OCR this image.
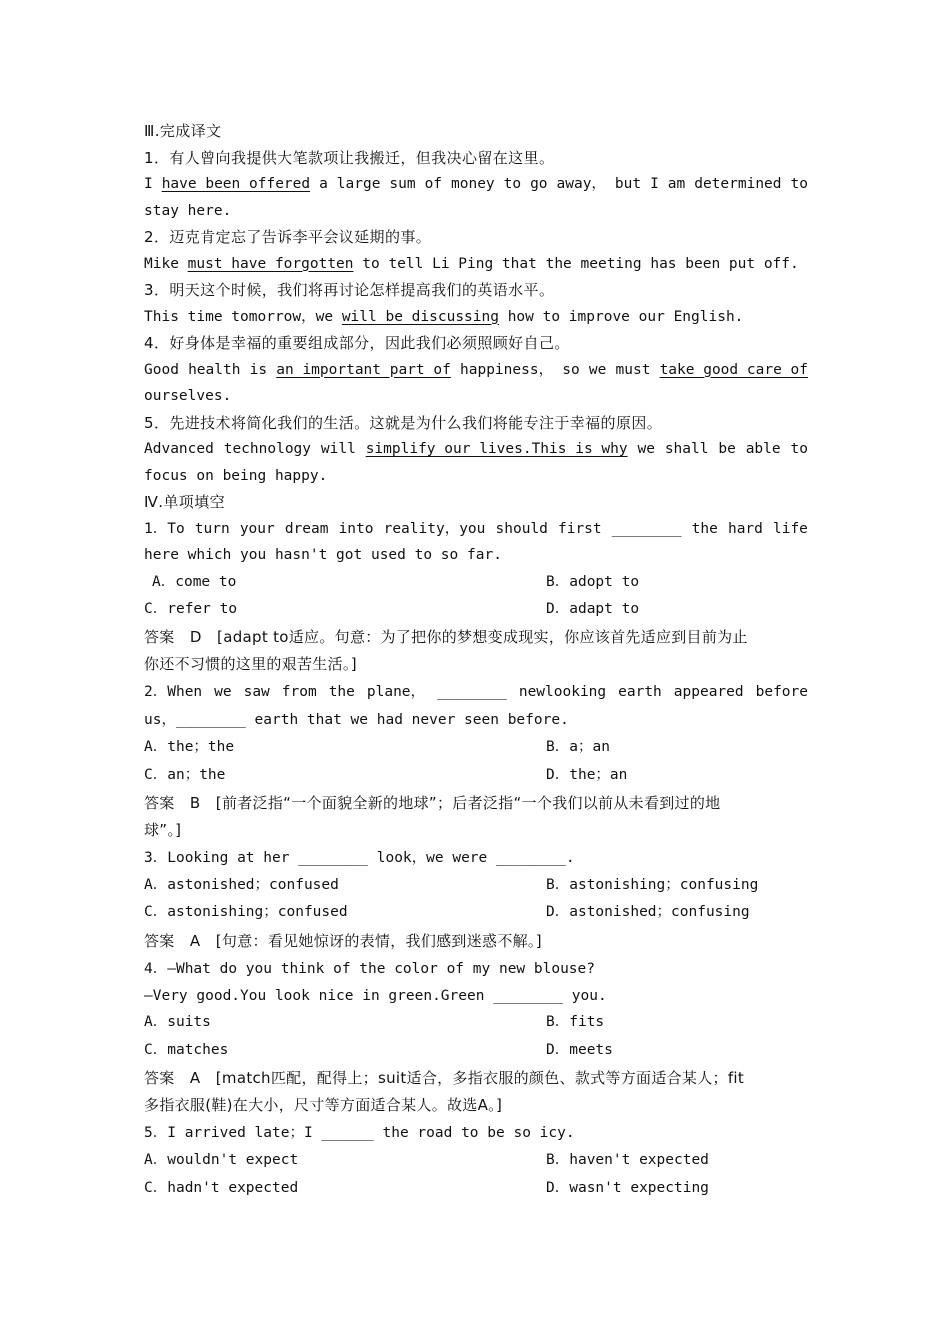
Ⅲ.完成译文
1．有人曾向我提供大笔款项让我搬迁，但我决心留在这里。
I have been offered a large sum of money to go away， but I am determined to
stay here.
2．迈克肯定忘了告诉李平会议延期的事。
Mike must have forgotten to tell Li Ping that the meeting has been put off.
3．明天这个时候，我们将再讨论怎样提高我们的英语水平。
This time tomorrow，we will be discussing how to improve our English.
4．好身体是幸福的重要组成部分，因此我们必须照顾好自己。
Good health is an important part of happiness， so we must take good care of
ourselves.
5．先进技术将简化我们的生活。这就是为什么我们将能专注于幸福的原因。
Advanced technology will simplify our lives.This is why we shall be able to
focus on being happy.
Ⅳ.单项填空
1．To turn your dream into reality，you should first ________ the hard life
here which you hasn't got used to so far.
A．come to	B．adopt to
C．refer to	D．adapt to
答案　D　[adapt to适应。句意：为了把你的梦想变成现实，你应该首先适应到目前为止
你还不习惯的这里的艰苦生活。]
2．When we saw from the plane， ________ newlooking earth appeared before
us，________ earth that we had never seen before.
A．the；the	B．a；an
C．an；the	D．the；an
答案　B　[前者泛指“一个面貌全新的地球”；后者泛指“一个我们以前从未看到过的地
球”。]
3．Looking at her ________ look，we were ________.
A．astonished；confused	B．astonishing；confusing
C．astonishing；confused	D．astonished；confusing
答案　A　[句意：看见她惊讶的表情，我们感到迷惑不解。]
4．—What do you think of the color of my new blouse?
—Very good.You look nice in green.Green ________ you.
A．suits	B．fits
C．matches	D．meets
答案　A　[match匹配，配得上；suit适合，多指衣服的颜色、款式等方面适合某人；fit
多指衣服(鞋)在大小，尺寸等方面适合某人。故选A。]
5．I arrived late；I ______ the road to be so icy.
A．wouldn't expect	B．haven't expected
C．hadn't expected	D．wasn't expecting
